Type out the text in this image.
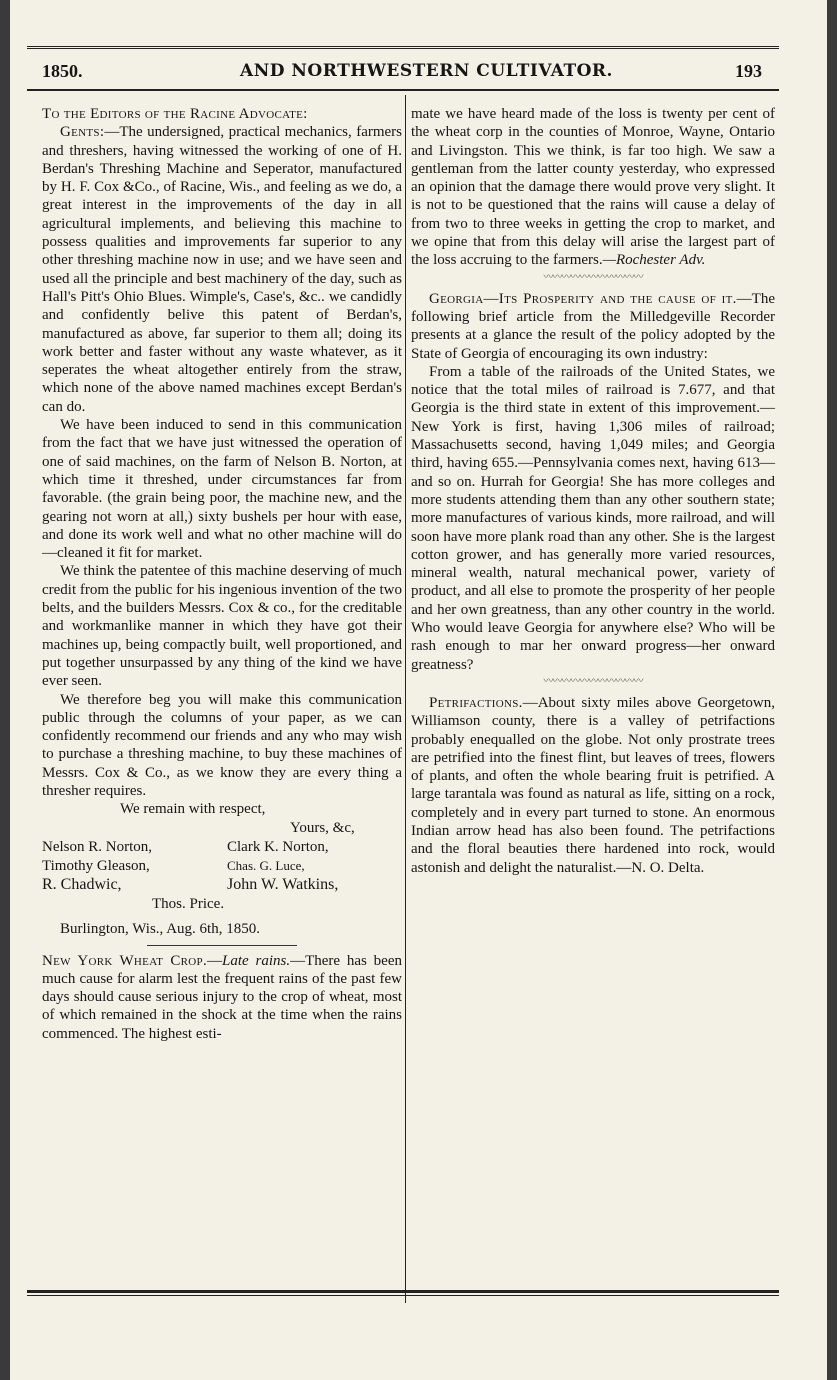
1850.	AND NORTHWESTERN CULTIVATOR.	193

To the Editors of the Racine Advocate:

Gents:—The undersigned, practical mechanics, farmers and threshers, having witnessed the working of one of H. Berdan's Threshing Machine and Seperator, manufactured by H. F. Cox &Co., of Racine, Wis., and feeling as we do, a great interest in the improvements of the day in all agricultural implements, and believing this machine to possess qualities and improvements far superior to any other threshing machine now in use; and we have seen and used all the principle and best machinery of the day, such as Hall's Pitt's Ohio Blues. Wimple's, Case's, &c.. we candidly and confidently belive this patent of Berdan's, manufactured as above, far superior to them all; doing its work better and faster without any waste whatever, as it seperates the wheat altogether entirely from the straw, which none of the above named machines except Berdan's can do.

We have been induced to send in this communication from the fact that we have just witnessed the operation of one of said machines, on the farm of Nelson B. Norton, at which time it threshed, under circumstances far from favorable. (the grain being poor, the machine new, and the gearing not worn at all,) sixty bushels per hour with ease, and done its work well and what no other machine will do—cleaned it fit for market.

We think the patentee of this machine deserving of much credit from the public for his ingenious invention of the two belts, and the builders Messrs. Cox & co., for the creditable and workmanlike manner in which they have got their machines up, being compactly built, well proportioned, and put together unsurpassed by any thing of the kind we have ever seen.

We therefore beg you will make this communication public through the columns of your paper, as we can confidently recommend our friends and any who may wish to purchase a threshing machine, to buy these machines of Messrs. Cox & Co., as we know they are every thing a thresher requires.

We remain with respect,
Yours, &c,
Nelson R. Norton,	Clark K. Norton,
Timothy Gleason,	Chas. G. Luce,
R. Chadwic,	John W. Watkins,
Thos. Price.

Burlington, Wis., Aug. 6th, 1850.

New York Wheat Crop.—Late rains.—There has been much cause for alarm lest the frequent rains of the past few days should cause serious injury to the crop of wheat, most of which remained in the shock at the time when the rains commenced. The highest esti-

mate we have heard made of the loss is twenty per cent of the wheat corp in the counties of Monroe, Wayne, Ontario and Livingston. This we think, is far too high. We saw a gentleman from the latter county yesterday, who expressed an opinion that the damage there would prove very slight. It is not to be questioned that the rains will cause a delay of from two to three weeks in getting the crop to market, and we opine that from this delay will arise the largest part of the loss accruing to the farmers.—Rochester Adv.

〰〰〰〰〰〰〰〰〰〰〰

Georgia—Its Prosperity and the cause of it.—The following brief article from the Milledgeville Recorder presents at a glance the result of the policy adopted by the State of Georgia of encouraging its own industry:

From a table of the railroads of the United States, we notice that the total miles of railroad is 7.677, and that Georgia is the third state in extent of this improvement.—New York is first, having 1,306 miles of railroad; Massachusetts second, having 1,049 miles; and Georgia third, having 655.—Pennsylvania comes next, having 613—and so on. Hurrah for Georgia! She has more colleges and more students attending them than any other southern state; more manufactures of various kinds, more railroad, and will soon have more plank road than any other. She is the largest cotton grower, and has generally more varied resources, mineral wealth, natural mechanical power, variety of product, and all else to promote the prosperity of her people and her own greatness, than any other country in the world. Who would leave Georgia for anywhere else? Who will be rash enough to mar her onward progress—her onward greatness?

〰〰〰〰〰〰〰〰〰〰〰

Petrifactions.—About sixty miles above Georgetown, Williamson county, there is a valley of petrifactions probably enequalled on the globe. Not only prostrate trees are petrified into the finest flint, but leaves of trees, flowers of plants, and often the whole bearing fruit is petrified. A large tarantala was found as natural as life, sitting on a rock, completely and in every part turned to stone. An enormous Indian arrow head has also been found. The petrifactions and the floral beauties there hardened into rock, would astonish and delight the naturalist.—N. O. Delta.
